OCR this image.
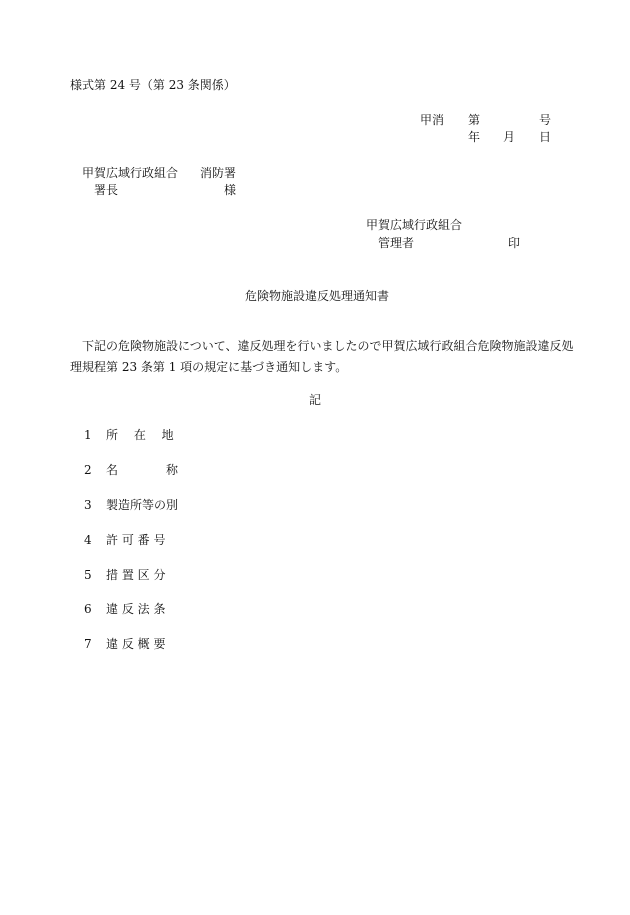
様式第 24 号（第 23 条関係）
甲消 第	号
年 月 日
甲賀広域行政組合 消防署
署長	様
甲賀広域行政組合
管理者	印
危険物施設違反処理通知書
下記の危険物施設について、違反処理を行いましたので甲賀広域行政組合危険物施設違反処理規程第 23 条第 1 項の規定に基づき通知します。
記
1 所　 在　 地
2 名　　　　称
3 製造所等の別
4 許 可 番 号
5 措 置 区 分
6 違 反 法 条
7 違 反 概 要
